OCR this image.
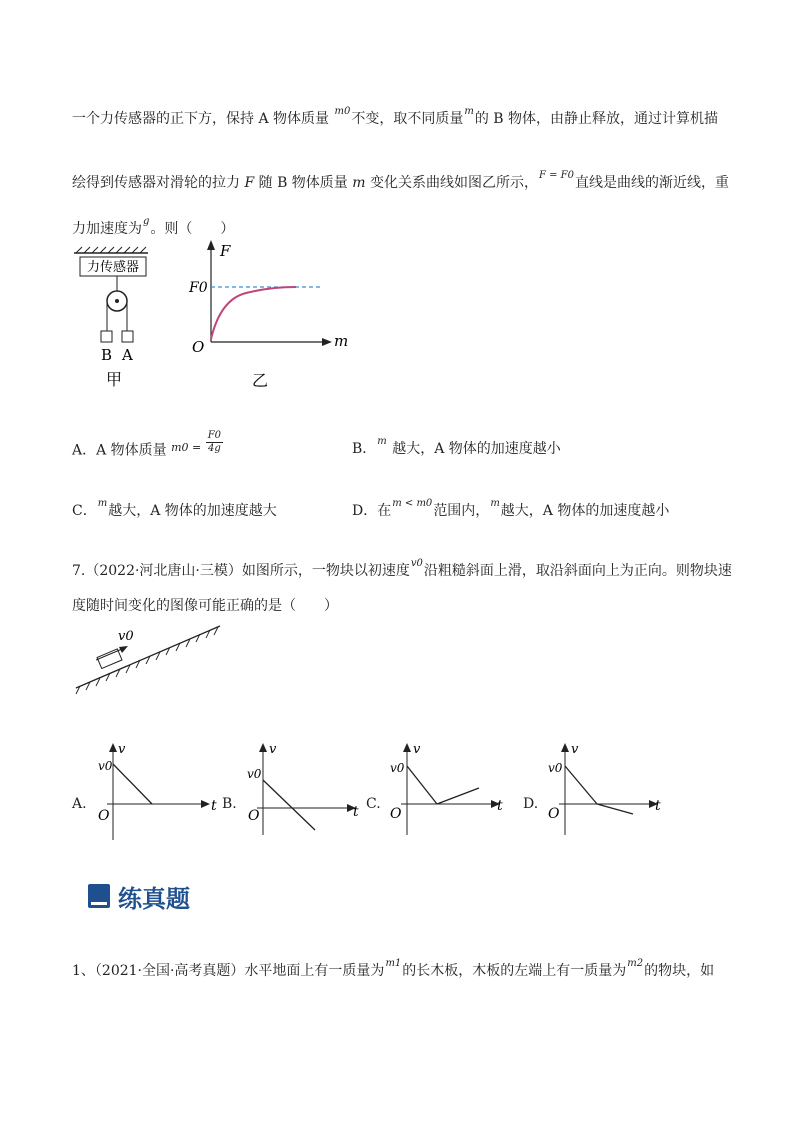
一个力传感器的正下方，保持 A 物体质量 $^{m0}$不变，取不同质量$^m$的 B 物体，由静止释放，通过计算机描
绘得到传感器对滑轮的拉力 F 随 B 物体质量 m 变化关系曲线如图乙所示，$^{F = F0}$直线是曲线的渐近线，重
力加速度为$^g$。则（　　）
力传感器
B A
甲
F
m
O
F0
乙
A．A 物体质量 $m0 = \frac{F0}{4g}$	B．$^m$ 越大，A 物体的加速度越小
C．$^m$越大，A 物体的加速度越大	D．在$^{m < m0}$范围内，$^m$越大，A 物体的加速度越小
7.（2022·河北唐山·三模）如图所示，一物块以初速度$^{v0}$沿粗糙斜面上滑，取沿斜面向上为正向。则物块速
度随时间变化的图像可能正确的是（　　）
v0
A.
v
v0
O
t B.
v
v0
O	t C.
v
v0
O	t D.
v
v0
O	t
练真题
1、（2021·全国·高考真题）水平地面上有一质量为$^{m1}$的长木板，木板的左端上有一质量为$^{m2}$的物块，如
